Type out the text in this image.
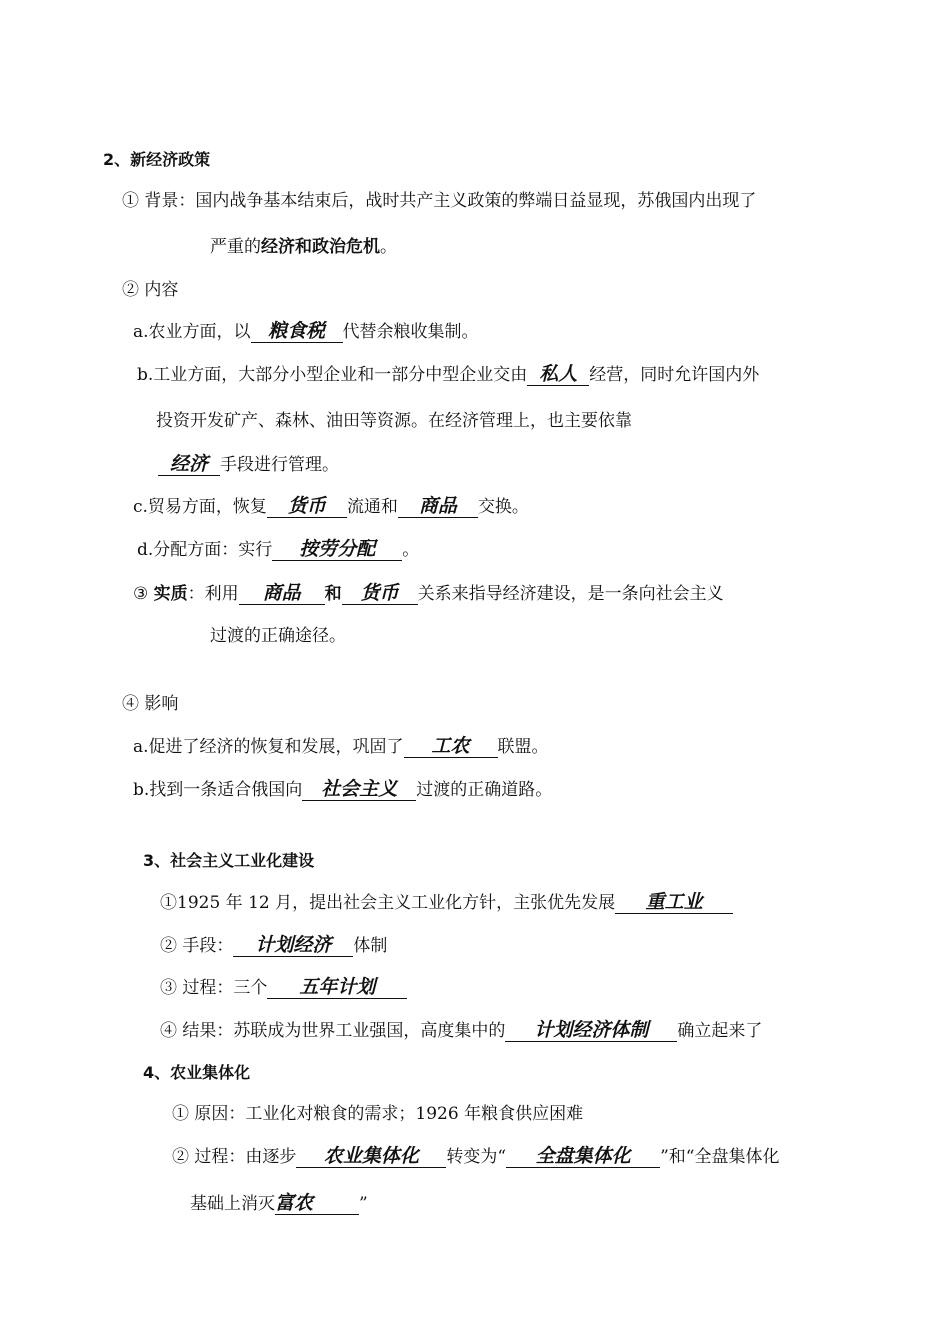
2、新经济政策
① 背景：国内战争基本结束后，战时共产主义政策的弊端日益显现，苏俄国内出现了
严重的经济和政治危机。
② 内容
a.农业方面，以 粮食税 代替余粮收集制。
b.工业方面，大部分小型企业和一部分中型企业交由 私人 经营，同时允许国内外
投资开发矿产、森林、油田等资源。在经济管理上，也主要依靠
经济 手段进行管理。
c.贸易方面，恢复 货币 流通和 商品 交换。
d.分配方面：实行 按劳分配 。
③ 实质：利用 商品 和 货币 关系来指导经济建设，是一条向社会主义
过渡的正确途径。
④ 影响
a.促进了经济的恢复和发展，巩固了 工农 联盟。
b.找到一条适合俄国向 社会主义 过渡的正确道路。
3、社会主义工业化建设
①1925 年 12 月，提出社会主义工业化方针，主张优先发展 重工业
② 手段： 计划经济 体制
③ 过程：三个 五年计划
④ 结果：苏联成为世界工业强国，高度集中的 计划经济体制 确立起来了
4、农业集体化
① 原因：工业化对粮食的需求；1926 年粮食供应困难
② 过程：由逐步 农业集体化 转变为“ 全盘集体化 ”和“全盘集体化
基础上消灭富农	”
